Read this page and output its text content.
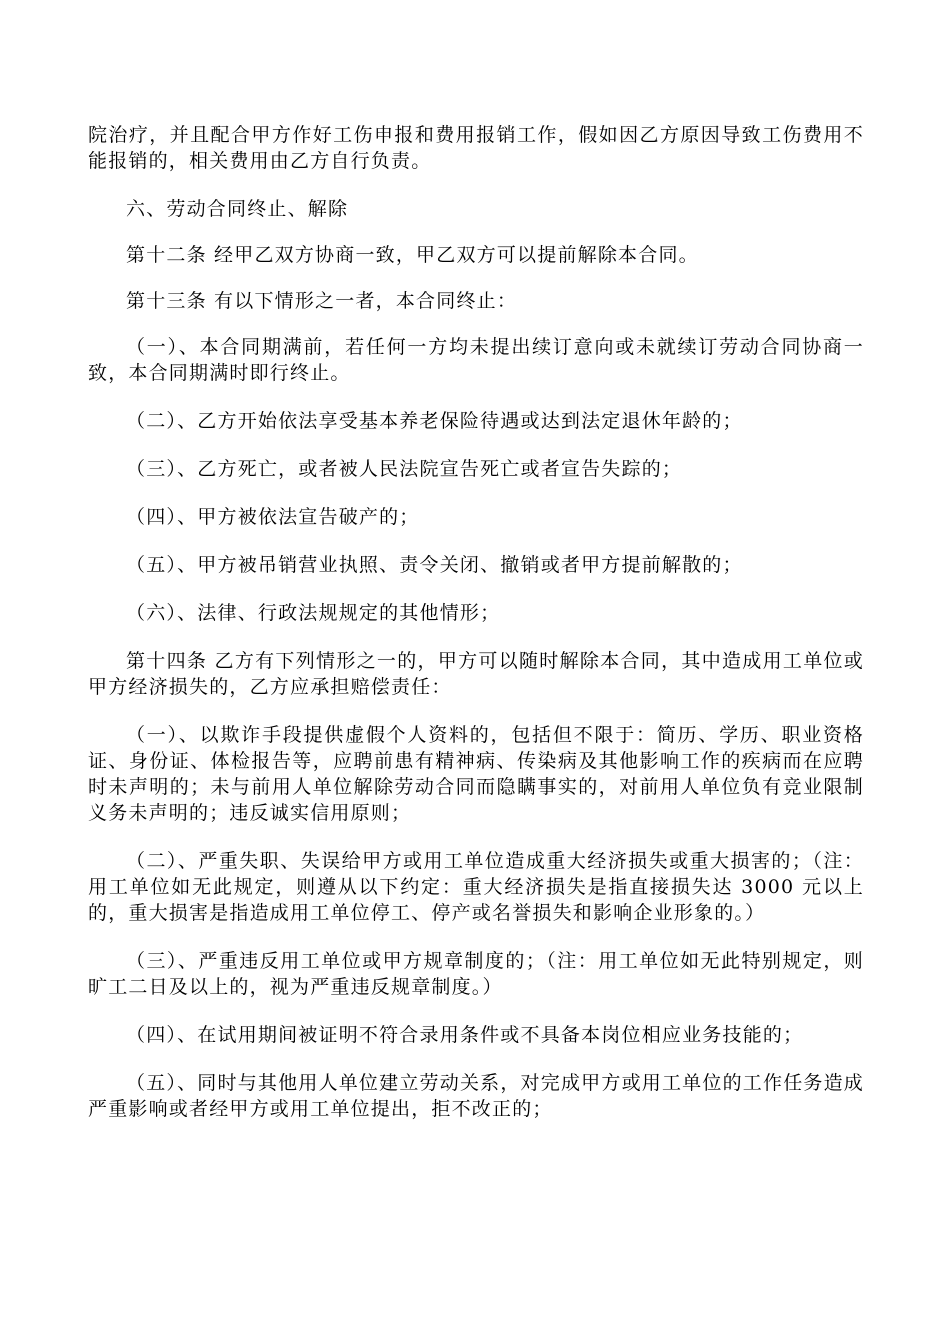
院治疗，并且配合甲方作好工伤申报和费用报销工作，假如因乙方原因导致工伤费用不能报销的，相关费用由乙方自行负责。

六、劳动合同终止、解除

第十二条 经甲乙双方协商一致，甲乙双方可以提前解除本合同。

第十三条 有以下情形之一者，本合同终止：

（一）、本合同期满前，若任何一方均未提出续订意向或未就续订劳动合同协商一致，本合同期满时即行终止。

（二）、乙方开始依法享受基本养老保险待遇或达到法定退休年龄的；

（三）、乙方死亡，或者被人民法院宣告死亡或者宣告失踪的；

（四）、甲方被依法宣告破产的；

（五）、甲方被吊销营业执照、责令关闭、撤销或者甲方提前解散的；

（六）、法律、行政法规规定的其他情形；

第十四条 乙方有下列情形之一的，甲方可以随时解除本合同，其中造成用工单位或甲方经济损失的，乙方应承担赔偿责任：

（一）、以欺诈手段提供虚假个人资料的，包括但不限于：简历、学历、职业资格证、身份证、体检报告等，应聘前患有精神病、传染病及其他影响工作的疾病而在应聘时未声明的；未与前用人单位解除劳动合同而隐瞒事实的，对前用人单位负有竞业限制义务未声明的；违反诚实信用原则；

（二）、严重失职、失误给甲方或用工单位造成重大经济损失或重大损害的；（注：用工单位如无此规定，则遵从以下约定：重大经济损失是指直接损失达 3000 元以上的，重大损害是指造成用工单位停工、停产或名誉损失和影响企业形象的。）

（三）、严重违反用工单位或甲方规章制度的；（注：用工单位如无此特别规定，则旷工二日及以上的，视为严重违反规章制度。）

（四）、在试用期间被证明不符合录用条件或不具备本岗位相应业务技能的；

（五）、同时与其他用人单位建立劳动关系，对完成甲方或用工单位的工作任务造成严重影响或者经甲方或用工单位提出，拒不改正的；
